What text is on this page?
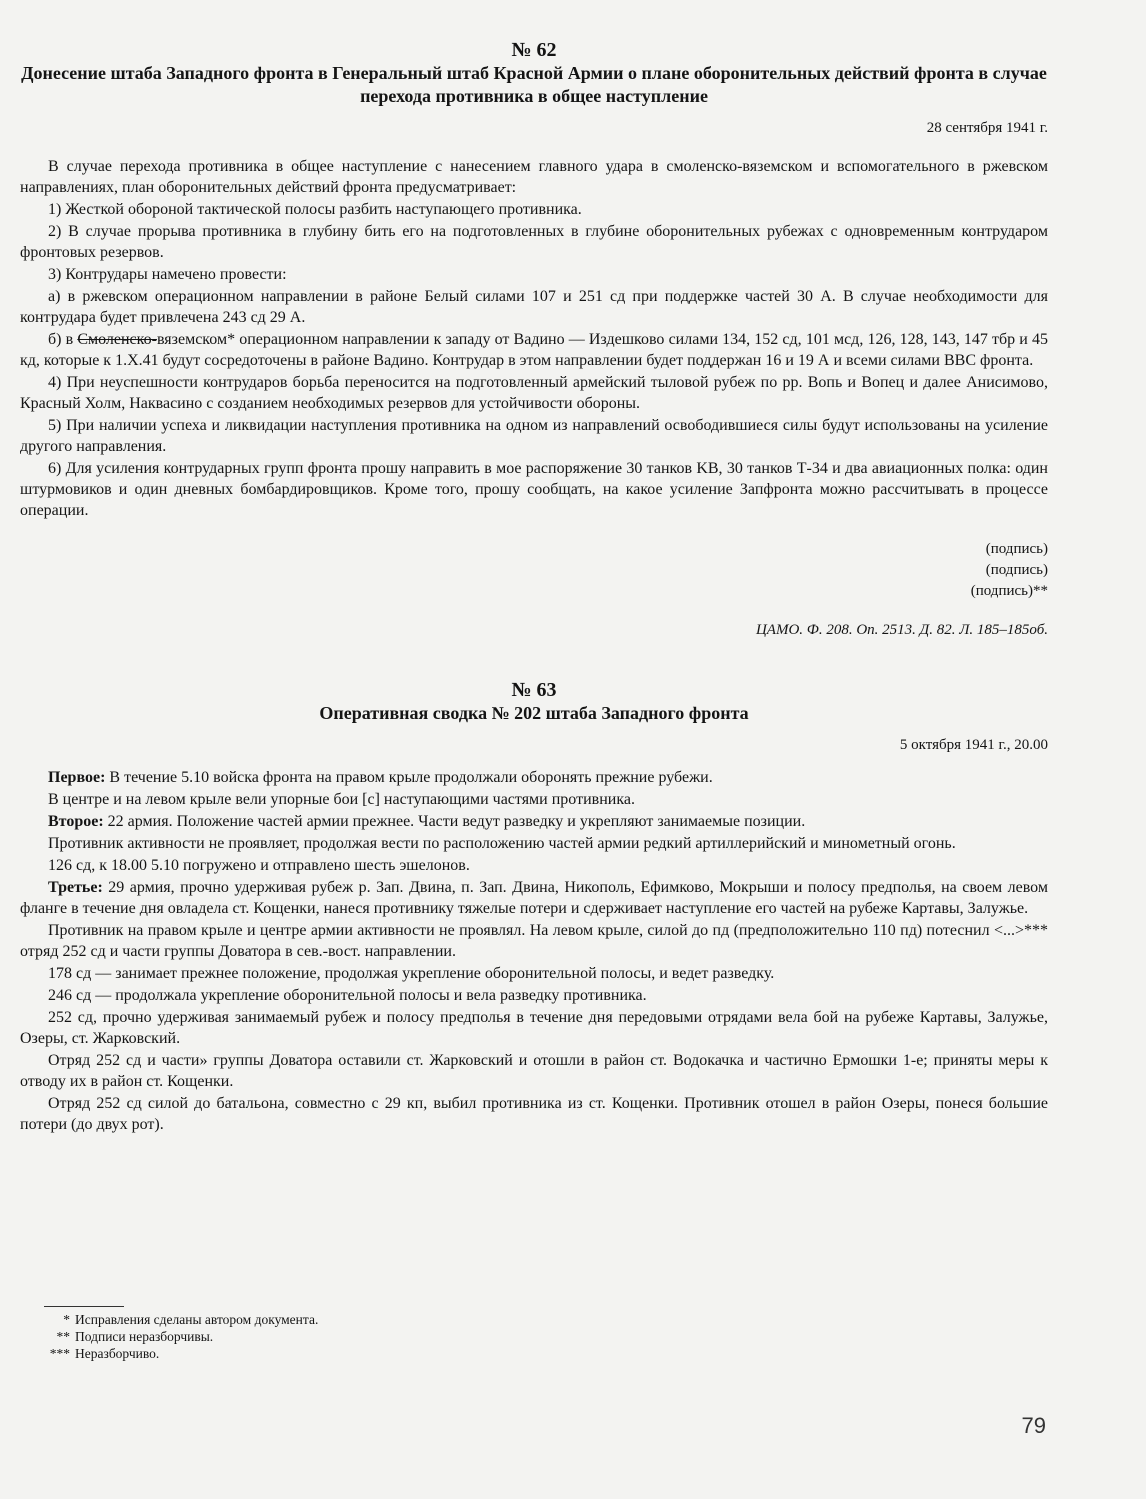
№ 62
Донесение штаба Западного фронта в Генеральный штаб Красной Армии о плане оборонительных действий фронта в случае перехода противника в общее наступление

28 сентября 1941 г.

В случае перехода противника в общее наступление с нанесением главного удара в смоленско-вяземском и вспомогательного в ржевском направлениях, план оборонительных действий фронта предусматривает:

1) Жесткой обороной тактической полосы разбить наступающего противника.

2) В случае прорыва противника в глубину бить его на подготовленных в глубине оборонительных рубежах с одновременным контрударом фронтовых резервов.

3) Контрудары намечено провести:

а) в ржевском операционном направлении в районе Белый силами 107 и 251 сд при поддержке частей 30 А. В случае необходимости для контрудара будет привлечена 243 сд 29 А.

б) в Смоленско-вяземском* операционном направлении к западу от Вадино — Издешково силами 134, 152 сд, 101 мсд, 126, 128, 143, 147 тбр и 45 кд, которые к 1.X.41 будут сосредоточены в районе Вадино. Контрудар в этом направлении будет поддержан 16 и 19 А и всеми силами ВВС фронта.

4) При неуспешности контрударов борьба переносится на подготовленный армейский тыловой рубеж по рр. Вопь и Вопец и далее Анисимово, Красный Холм, Наквасино с созданием необходимых резервов для устойчивости обороны.

5) При наличии успеха и ликвидации наступления противника на одном из направлений освободившиеся силы будут использованы на усиление другого направления.

6) Для усиления контрударных групп фронта прошу направить в мое распоряжение 30 танков KB, 30 танков Т-34 и два авиационных полка: один штурмовиков и один дневных бомбардировщиков. Кроме того, прошу сообщать, на какое усиление Запфронта можно рассчитывать в процессе операции.

(подпись)

(подпись)

(подпись)**

ЦАМО. Ф. 208. Оп. 2513. Д. 82. Л. 185–185об.

№ 63
Оперативная сводка № 202 штаба Западного фронта

5 октября 1941 г., 20.00

Первое: В течение 5.10 войска фронта на правом крыле продолжали оборонять прежние рубежи.

В центре и на левом крыле вели упорные бои [с] наступающими частями противника.

Второе: 22 армия. Положение частей армии прежнее. Части ведут разведку и укрепляют занимаемые позиции.

Противник активности не проявляет, продолжая вести по расположению частей армии редкий артиллерийский и минометный огонь.

126 сд, к 18.00 5.10 погружено и отправлено шесть эшелонов.

Третье: 29 армия, прочно удерживая рубеж р. Зап. Двина, п. Зап. Двина, Никополь, Ефимково, Мокрыши и полосу предполья, на своем левом фланге в течение дня овладела ст. Кощенки, нанеся противнику тяжелые потери и сдерживает наступление его частей на рубеже Картавы, Залужье.

Противник на правом крыле и центре армии активности не проявлял. На левом крыле, силой до пд (предположительно 110 пд) потеснил <...>*** отряд 252 сд и части группы Доватора в сев.-вост. направлении.

178 сд — занимает прежнее положение, продолжая укрепление оборонительной полосы, и ведет разведку.

246 сд — продолжала укрепление оборонительной полосы и вела разведку противника.

252 сд, прочно удерживая занимаемый рубеж и полосу предполья в течение дня передовыми отрядами вела бой на рубеже Картавы, Залужье, Озеры, ст. Жарковский.

Отряд 252 сд и части» группы Доватора оставили ст. Жарковский и отошли в район ст. Водокачка и частично Ермошки 1-е; приняты меры к отводу их в район ст. Кощенки.

Отряд 252 сд силой до батальона, совместно с 29 кп, выбил противника из ст. Кощенки. Противник отошел в район Озеры, понеся большие потери (до двух рот).

* Исправления сделаны автором документа.

** Подписи неразборчивы.

*** Неразборчиво.

79
